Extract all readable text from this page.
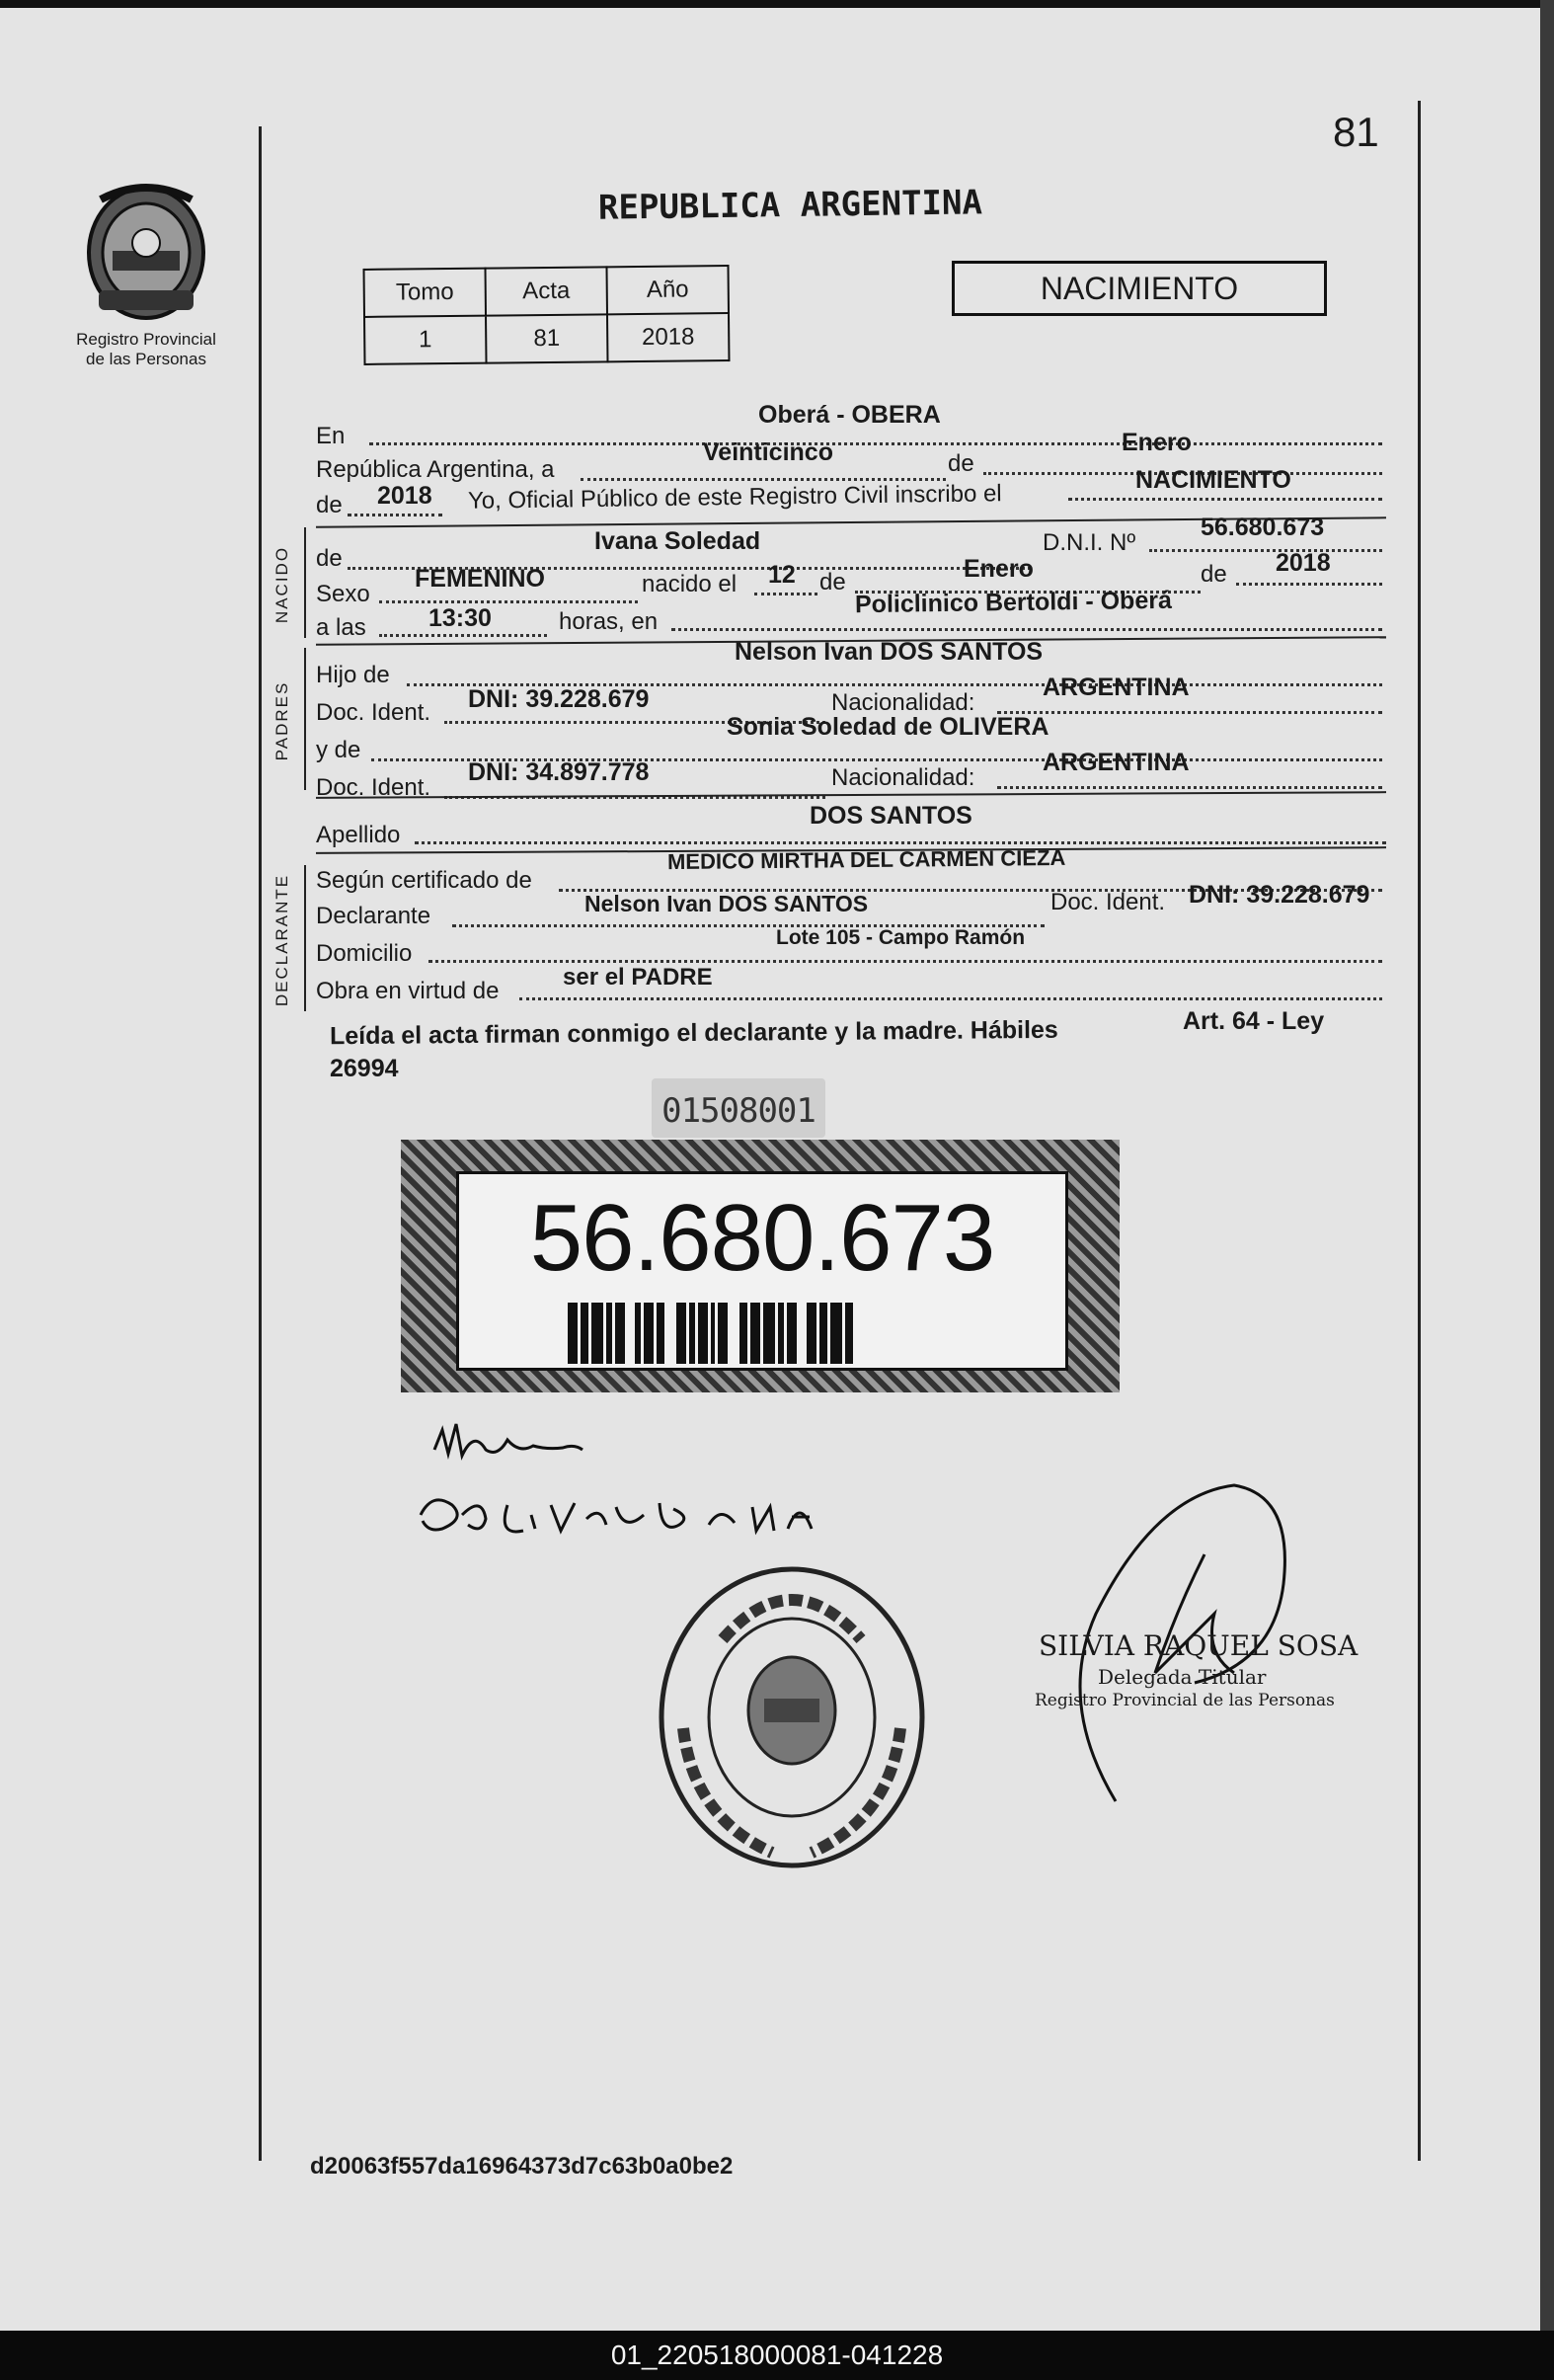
81
Registro Provincial de las Personas
REPUBLICA ARGENTINA
Tomo	Acta	Año
1	81	2018
NACIMIENTO
En
Oberá - OBERA
República Argentina, a
Veinticinco	de
Enero
de 2018 Yo, Oficial Público de este Registro Civil inscribo el
NACIMIENTO
NACIDO de
Ivana Soledad	D.N.I. Nº
56.680.673
Sexo
FEMENINO	nacido el 12 de	Enero	de 2018
a las	13:30	horas, en
Policlinico Bertoldi - Oberá
PADRES
Hijo de
Nelson Ivan DOS SANTOS
Doc. Ident. DNI: 39.228.679	Nacionalidad:
ARGENTINA
y de
Sonia Soledad de OLIVERA
Doc. Ident.
DNI: 34.897.778	Nacionalidad:
ARGENTINA
Apellido
DOS SANTOS
DECLARANTE Según certificado de
MEDICO MIRTHA DEL CARMEN CIEZA
Declarante	Nelson Ivan DOS SANTOS	Doc. Ident. DNI: 39.228.679
Domicilio
Lote 105 - Campo Ramón
Obra en virtud de
ser el PADRE
Leída el acta firman conmigo el declarante y la madre. Hábiles	Art. 64 - Ley
26994
01508001
56.680.673
SILVIA RAQUEL SOSA
Delegada Titular
Registro Provincial de las Personas
d20063f557da16964373d7c63b0a0be2
01_220518000081-041228
